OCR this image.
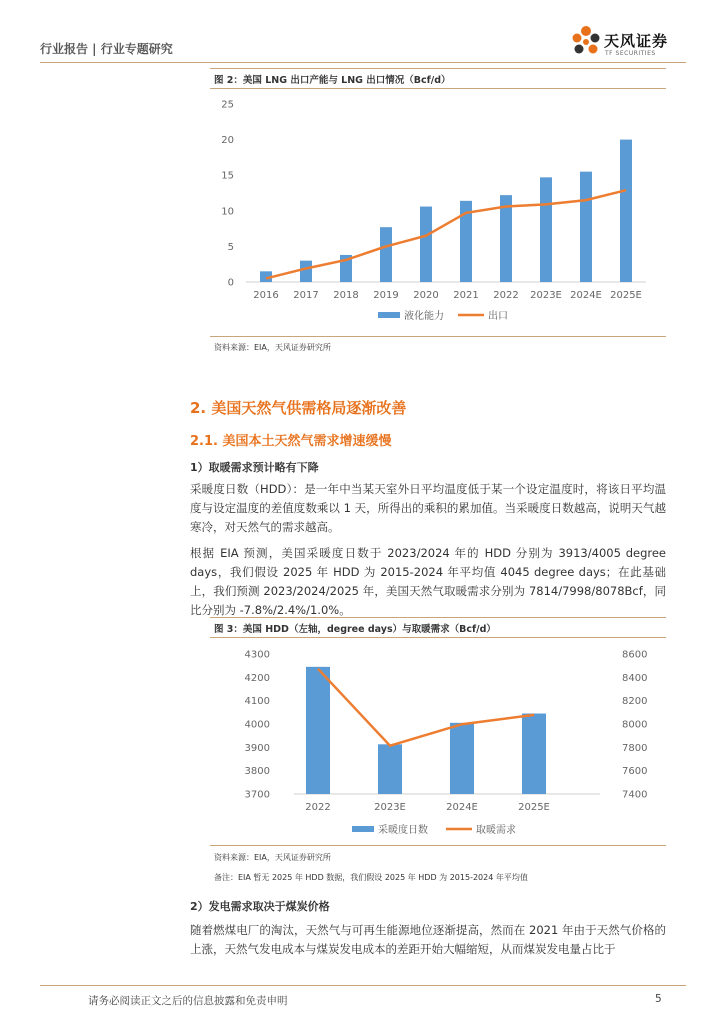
行业报告 | 行业专题研究	天风证券
TF SECURITIES
图 2：美国 LNG 出口产能与 LNG 出口情况（Bcf/d）
0
5
10
15
20
25
2016 2017 2018 2019 2020 2021 2022 2023E 2024E 2025E
液化能力	出口
资料来源：EIA，天风证券研究所
2. 美国天然气供需格局逐渐改善
2.1. 美国本土天然气需求增速缓慢
1）取暖需求预计略有下降
采暖度日数（HDD）：是一年中当某天室外日平均温度低于某一个设定温度时，将该日平均温度与设定温度的差值度数乘以 1 天，所得出的乘积的累加值。当采暖度日数越高，说明天气越寒冷，对天然气的需求越高。
根据 EIA 预测，美国采暖度日数于 2023/2024 年的 HDD 分别为 3913/4005 degree days，我们假设 2025 年 HDD 为 2015-2024 年平均值 4045 degree days；在此基础上，我们预测 2023/2024/2025 年，美国天然气取暖需求分别为 7814/7998/8078Bcf，同比分别为 -7.8%/2.4%/1.0%。
图 3：美国 HDD（左轴，degree days）与取暖需求（Bcf/d）
3700
3800
3900
4000
4100
4200
4300
7400
7600
7800
8000
8200
8400
8600
2022	2023E	2024E	2025E
采暖度日数	取暖需求
资料来源：EIA，天风证券研究所
备注：EIA 暂无 2025 年 HDD 数据，我们假设 2025 年 HDD 为 2015-2024 年平均值
2）发电需求取决于煤炭价格
随着燃煤电厂的淘汰，天然气与可再生能源地位逐渐提高，然而在 2021 年由于天然气价格的上涨，天然气发电成本与煤炭发电成本的差距开始大幅缩短，从而煤炭发电量占比于
请务必阅读正文之后的信息披露和免责申明	5
